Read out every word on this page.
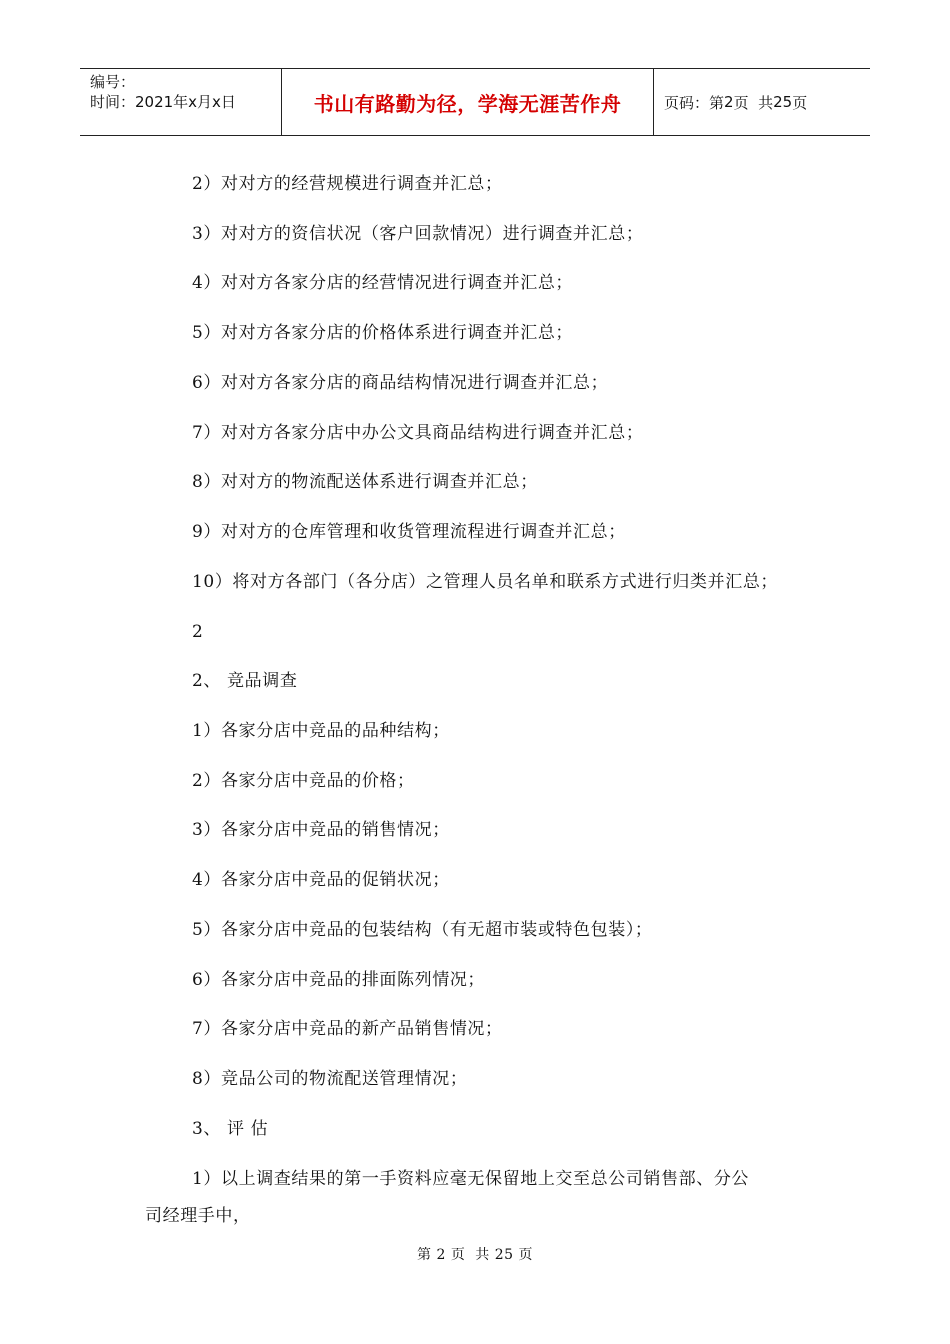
编号：
时间：2021年x月x日	书山有路勤为径，学海无涯苦作舟	页码：第 2 页  共 25 页
2）对对方的经营规模进行调查并汇总；
3）对对方的资信状况（客户回款情况）进行调查并汇总；
4）对对方各家分店的经营情况进行调查并汇总；
5）对对方各家分店的价格体系进行调查并汇总；
6）对对方各家分店的商品结构情况进行调查并汇总；
7）对对方各家分店中办公文具商品结构进行调查并汇总；
8）对对方的物流配送体系进行调查并汇总；
9）对对方的仓库管理和收货管理流程进行调查并汇总；
10）将对方各部门（各分店）之管理人员名单和联系方式进行归类并汇总；
2
2、 竞品调查
1）各家分店中竞品的品种结构；
2）各家分店中竞品的价格；
3）各家分店中竞品的销售情况；
4）各家分店中竞品的促销状况；
5）各家分店中竞品的包装结构（有无超市装或特色包装）；
6）各家分店中竞品的排面陈列情况；
7）各家分店中竞品的新产品销售情况；
8）竞品公司的物流配送管理情况；
3、 评 估
1）以上调查结果的第一手资料应毫无保留地上交至总公司销售部、分公
司经理手中，
第 2 页  共 25 页
